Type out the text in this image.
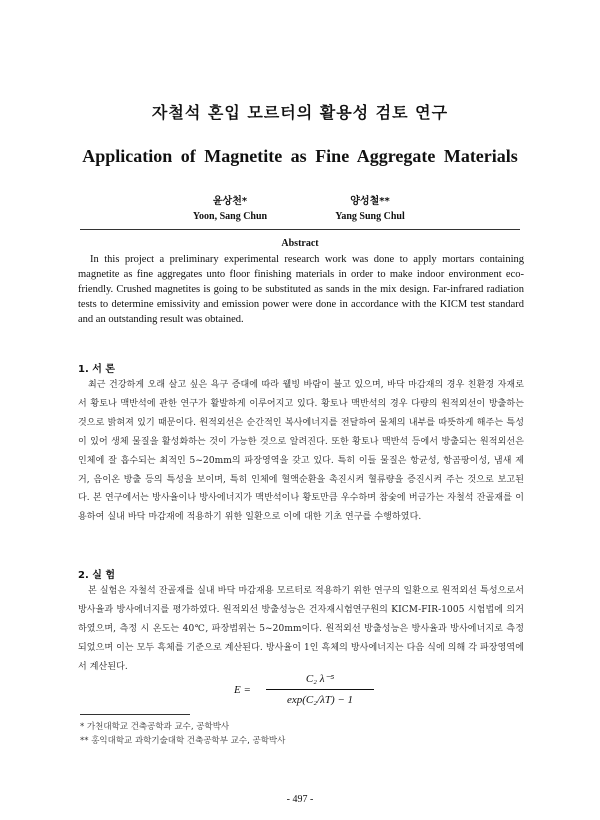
자철석 혼입 모르터의 활용성 검토 연구
Application of Magnetite as Fine Aggregate Materials
윤상천*
Yoon, Sang Chun
양성철**
Yang Sung Chul
Abstract
In this project a preliminary experimental research work was done to apply mortars containing magnetite as fine aggregates unto floor finishing materials in order to make indoor environment eco-friendly. Crushed magnetites is going to be substituted as sands in the mix design. Far-infrared radiation tests to determine emissivity and emission power were done in accordance with the KICM test standard and an outstanding result was obtained.
1. 서 론
최근 건강하게 오래 살고 싶은 욕구 증대에 따라 웰빙 바람이 불고 있으며, 바닥 마감재의 경우 친환경 자재로서 황토나 맥반석에 관한 연구가 활발하게 이루어지고 있다. 황토나 맥반석의 경우 다량의 원적외선이 방출하는 것으로 밝혀져 있기 때문이다. 원적외선은 순간적인 복사에너지를 전달하여 물체의 내부를 따뜻하게 해주는 특성이 있어 생체 물질을 활성화하는 것이 가능한 것으로 알려진다. 또한 황토나 맥반석 등에서 방출되는 원적외선은 인체에 잘 흡수되는 최적인 5~20mm의 파장영역을 갖고 있다. 특히 이들 물질은 항균성, 항곰팡이성, 냄새 제거, 음이온 방출 등의 특성을 보이며, 특히 인체에 혈액순환을 촉진시켜 혈류량을 증진시켜 주는 것으로 보고된다. 본 연구에서는 방사율이나 방사에너지가 맥반석이나 황토만큼 우수하며 참숯에 버금가는 자철석 잔골재를 이용하여 실내 바닥 마감재에 적용하기 위한 일환으로 이에 대한 기초 연구를 수행하였다.
2. 실 험
본 실험은 자철석 잔골재를 실내 바닥 마감재용 모르터로 적용하기 위한 연구의 일환으로 원적외선 특성으로서 방사율과 방사에너지를 평가하였다. 원적외선 방출성능은 건자재시험연구원의 KICM-FIR-1005 시험법에 의거하였으며, 측정 시 온도는 40℃, 파장범위는 5~20mm이다. 원적외선 방출성능은 방사율과 방사에너지로 측정되었으며 이는 모두 흑체를 기준으로 계산된다. 방사율이 1인 흑체의 방사에너지는 다음 식에 의해 각 파장영역에서 계산된다.
E =
C₂ λ⁻⁵
exp(C₂/λT) − 1
* 가천대학교 건축공학과 교수, 공학박사
** 홍익대학교 과학기술대학 건축공학부 교수, 공학박사
- 497 -
